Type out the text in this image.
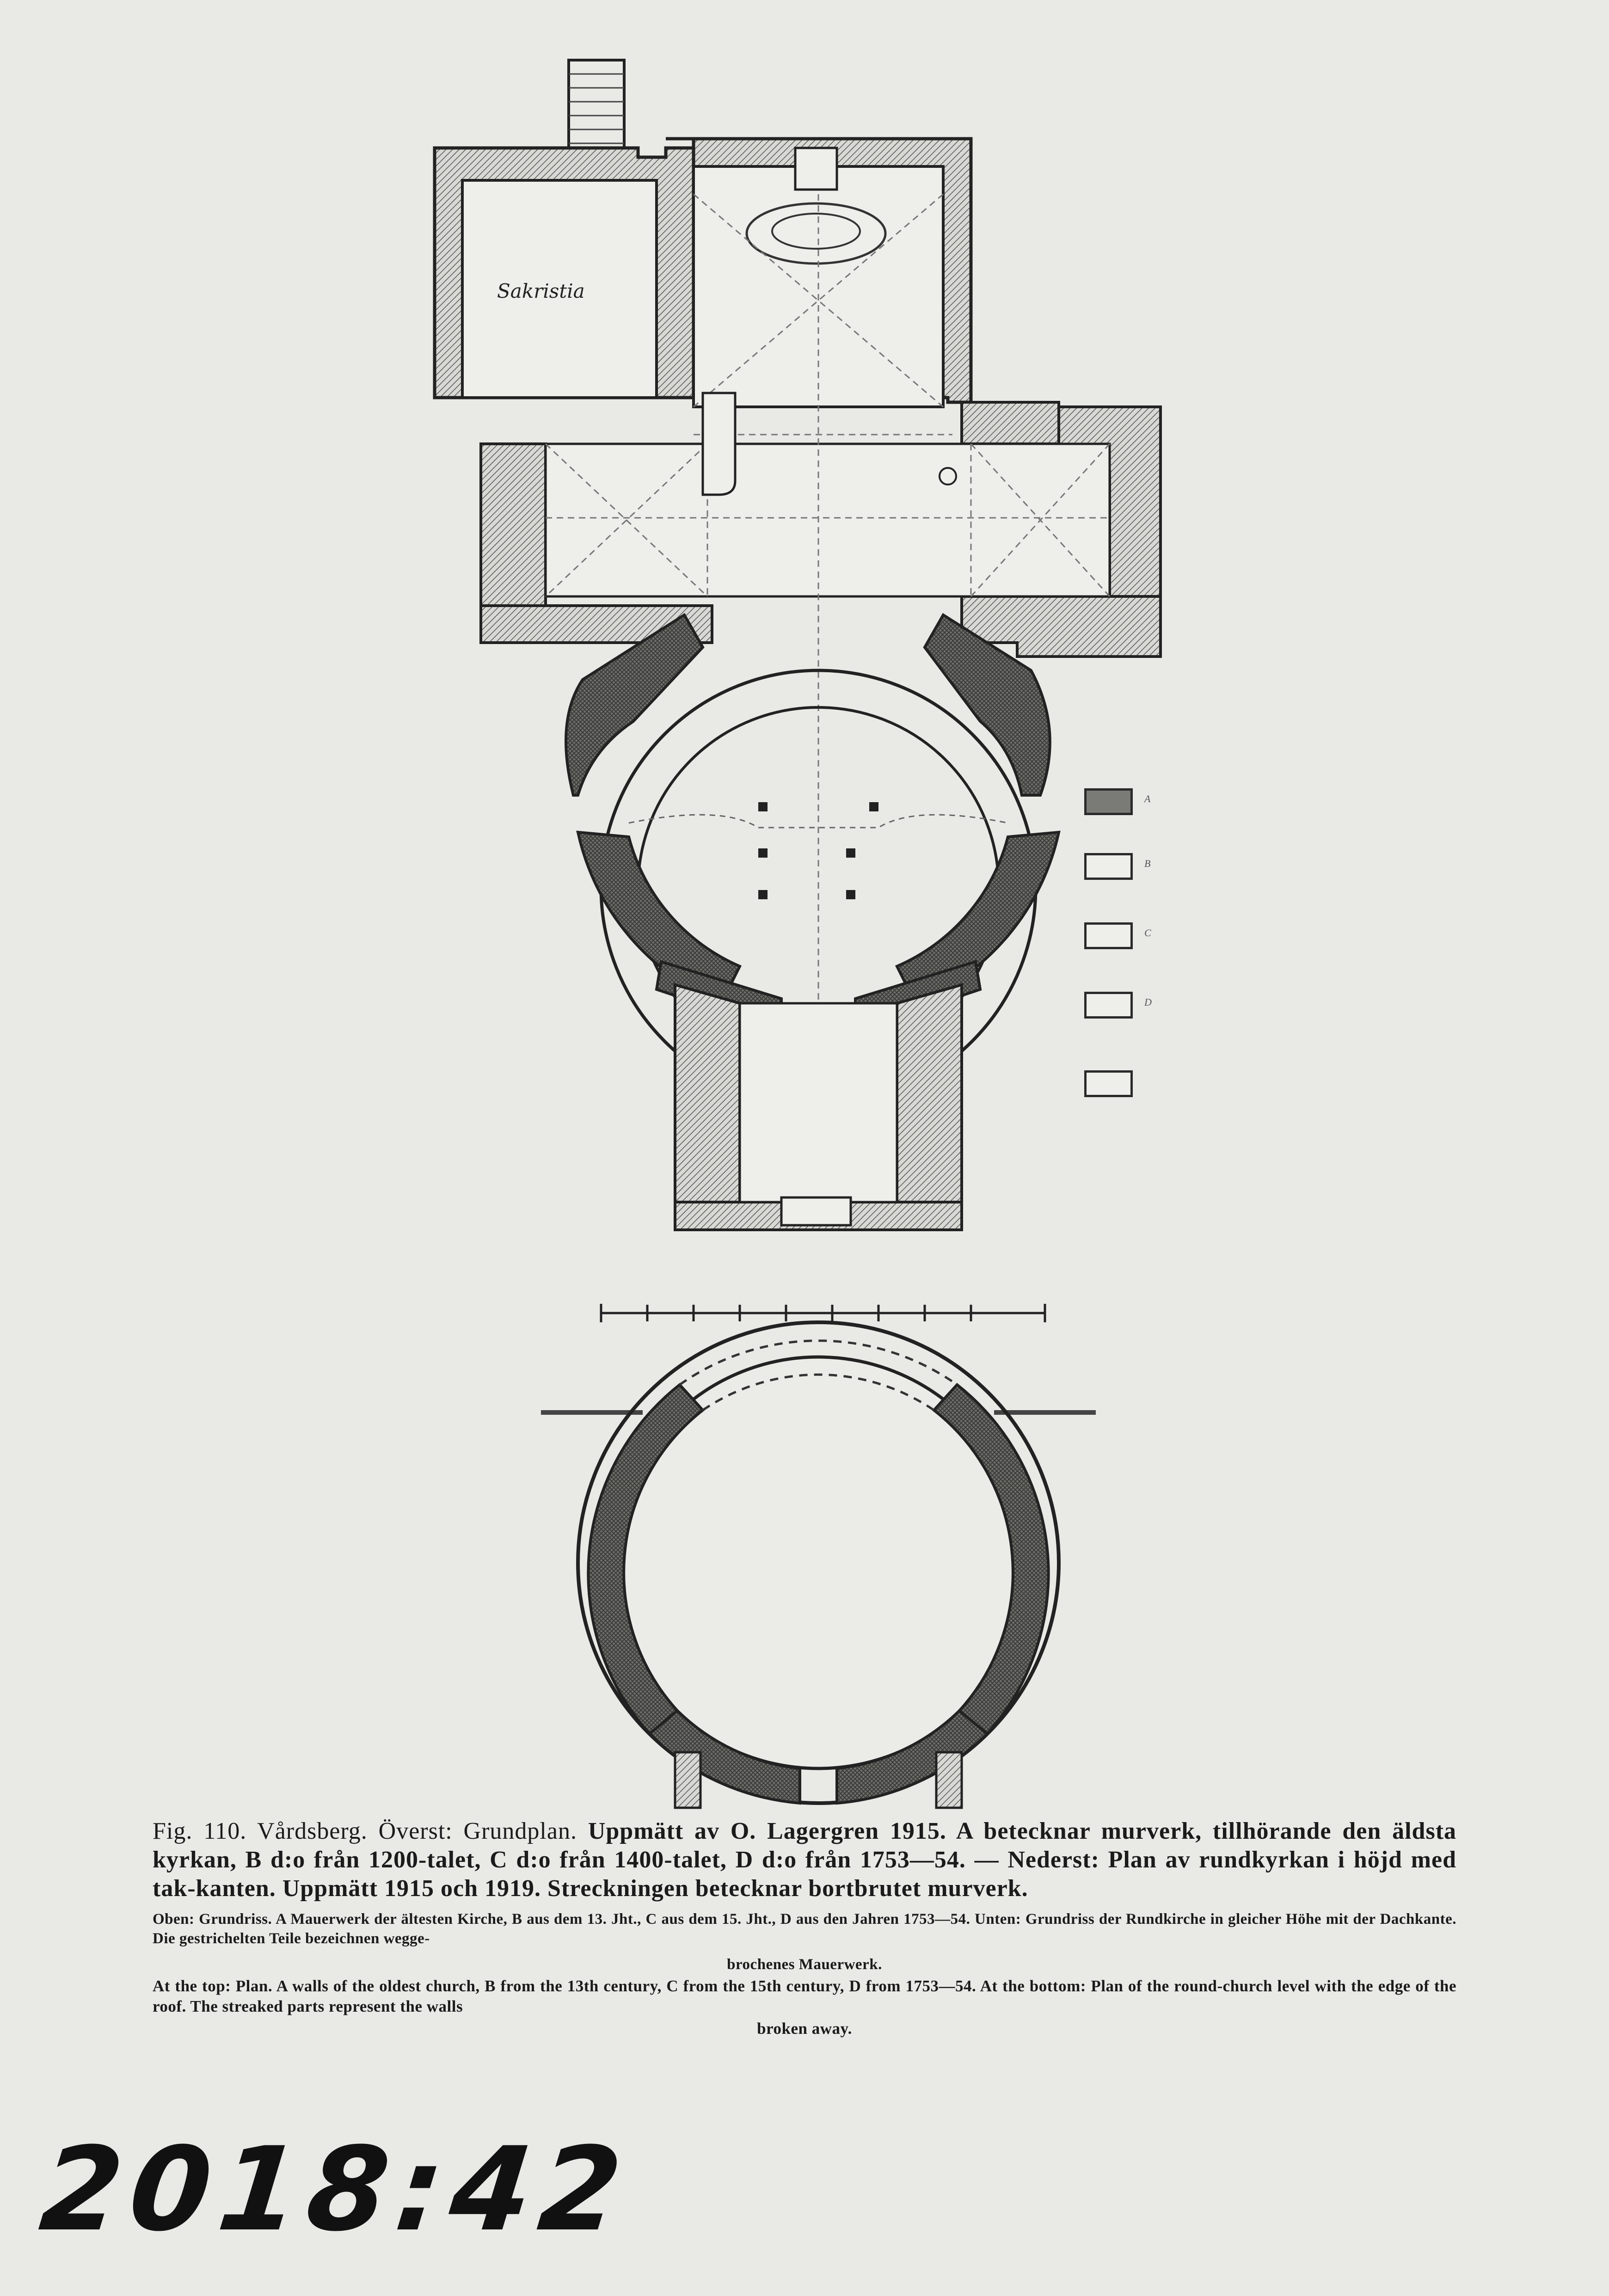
Sakristia
A
B
C
D
Fig. 110. Vårdsberg. Överst: Grundplan. Uppmätt av O. Lagergren 1915. A betecknar murverk, tillhörande den äldsta kyrkan, B d:o från 1200-talet, C d:o från 1400-talet, D d:o från 1753—54. — Nederst: Plan av rundkyrkan i höjd med tak-kanten. Uppmätt 1915 och 1919. Streckningen betecknar bortbrutet murverk.
Oben: Grundriss. A Mauerwerk der ältesten Kirche, B aus dem 13. Jht., C aus dem 15. Jht., D aus den Jahren 1753—54. Unten: Grundriss der Rundkirche in gleicher Höhe mit der Dachkante. Die gestrichelten Teile bezeichnen wegge-
brochenes Mauerwerk.
At the top: Plan. A walls of the oldest church, B from the 13th century, C from the 15th century, D from 1753—54. At the bottom: Plan of the round-church level with the edge of the roof. The streaked parts represent the walls
broken away.
2018:42
